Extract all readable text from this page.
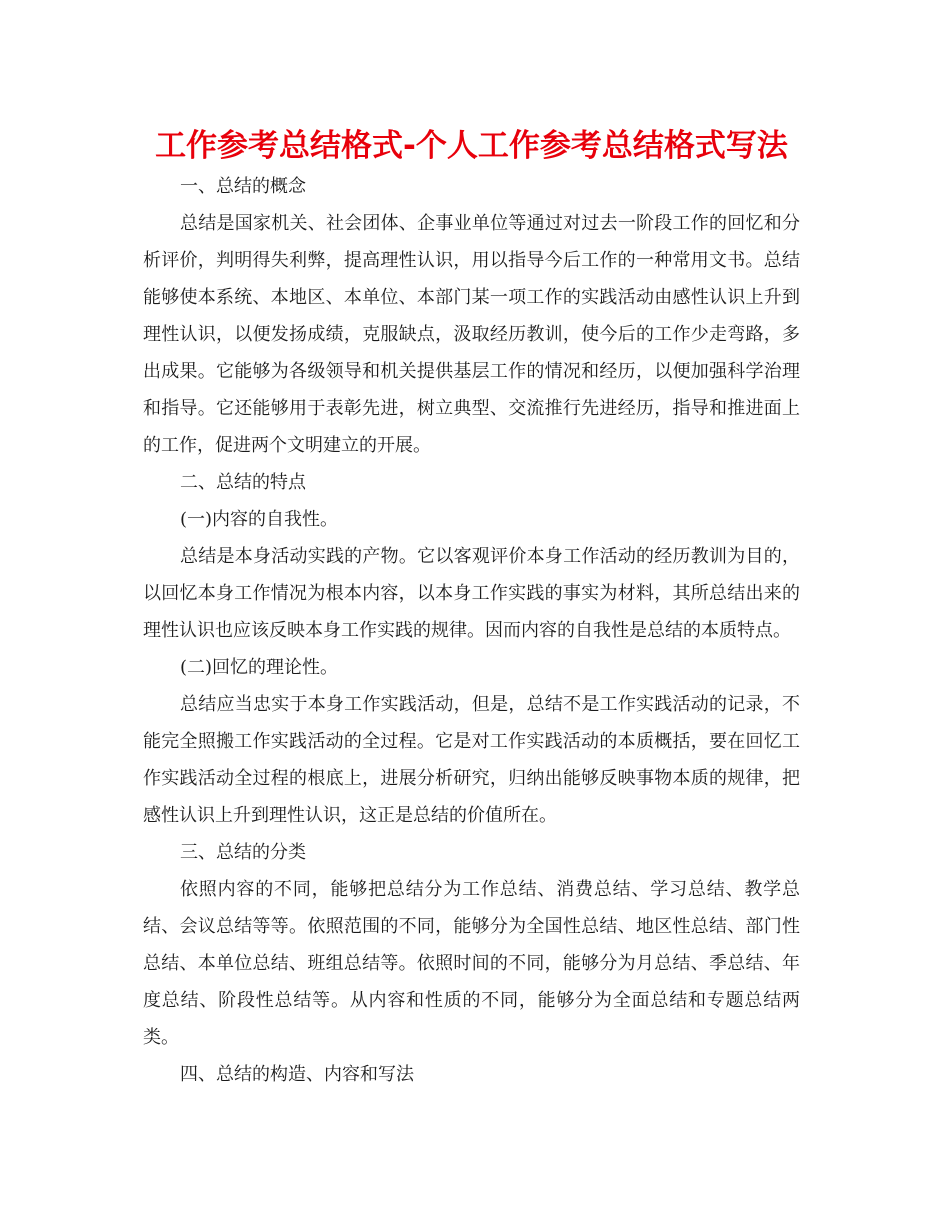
工作参考总结格式-个人工作参考总结格式写法
一、总结的概念
总结是国家机关、社会团体、企事业单位等通过对过去一阶段工作的回忆和分析评价，判明得失利弊，提高理性认识，用以指导今后工作的一种常用文书。总结能够使本系统、本地区、本单位、本部门某一项工作的实践活动由感性认识上升到理性认识，以便发扬成绩，克服缺点，汲取经历教训，使今后的工作少走弯路，多出成果。它能够为各级领导和机关提供基层工作的情况和经历，以便加强科学治理和指导。它还能够用于表彰先进，树立典型、交流推行先进经历，指导和推进面上的工作，促进两个文明建立的开展。
二、总结的特点
(一)内容的自我性。
总结是本身活动实践的产物。它以客观评价本身工作活动的经历教训为目的，以回忆本身工作情况为根本内容，以本身工作实践的事实为材料，其所总结出来的理性认识也应该反映本身工作实践的规律。因而内容的自我性是总结的本质特点。
(二)回忆的理论性。
总结应当忠实于本身工作实践活动，但是，总结不是工作实践活动的记录，不能完全照搬工作实践活动的全过程。它是对工作实践活动的本质概括，要在回忆工作实践活动全过程的根底上，进展分析研究，归纳出能够反映事物本质的规律，把感性认识上升到理性认识，这正是总结的价值所在。
三、总结的分类
依照内容的不同，能够把总结分为工作总结、消费总结、学习总结、教学总结、会议总结等等。依照范围的不同，能够分为全国性总结、地区性总结、部门性总结、本单位总结、班组总结等。依照时间的不同，能够分为月总结、季总结、年度总结、阶段性总结等。从内容和性质的不同，能够分为全面总结和专题总结两类。
四、总结的构造、内容和写法
